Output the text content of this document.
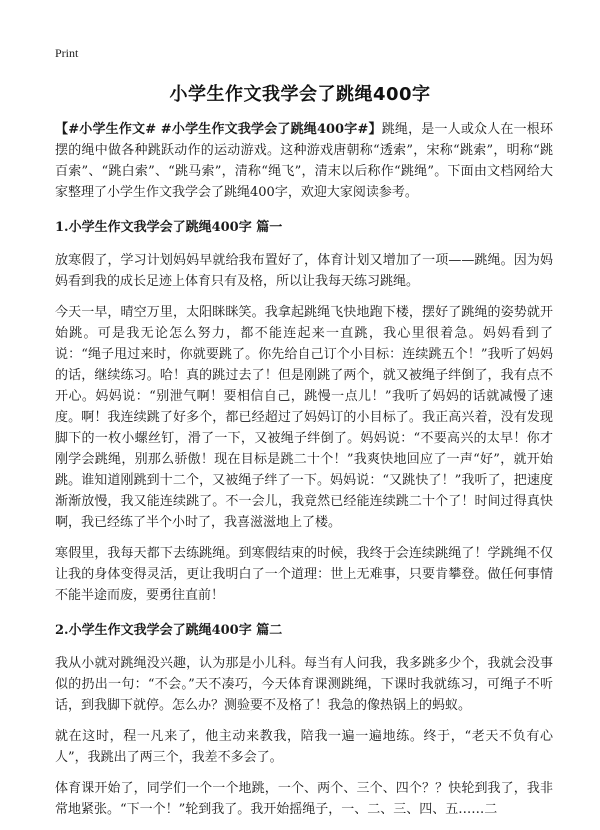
Print
小学生作文我学会了跳绳400字

【#小学生作文# #小学生作文我学会了跳绳400字#】跳绳，是一人或众人在一根环摆的绳中做各种跳跃动作的运动游戏。这种游戏唐朝称“透索”，宋称“跳索”，明称“跳百索”、“跳白索”、“跳马索”，清称“绳飞”，清末以后称作“跳绳”。下面由文档网给大家整理了小学生作文我学会了跳绳400字，欢迎大家阅读参考。

1.小学生作文我学会了跳绳400字 篇一

放寒假了，学习计划妈妈早就给我布置好了，体育计划又增加了一项——跳绳。因为妈妈看到我的成长足迹上体育只有及格，所以让我每天练习跳绳。

今天一早，晴空万里，太阳眯眯笑。我拿起跳绳飞快地跑下楼，摆好了跳绳的姿势就开始跳。可是我无论怎么努力，都不能连起来一直跳，我心里很着急。妈妈看到了说：“绳子甩过来时，你就要跳了。你先给自己订个小目标：连续跳五个！”我听了妈妈的话，继续练习。哈！真的跳过去了！但是刚跳了两个，就又被绳子绊倒了，我有点不开心。妈妈说：“别泄气啊！要相信自己，跳慢一点儿！”我听了妈妈的话就减慢了速度。啊！我连续跳了好多个，都已经超过了妈妈订的小目标了。我正高兴着，没有发现脚下的一枚小螺丝钉，滑了一下，又被绳子绊倒了。妈妈说：“不要高兴的太早！你才刚学会跳绳，别那么骄傲！现在目标是跳二十个！”我爽快地回应了一声“好”，就开始跳。谁知道刚跳到十二个，又被绳子绊了一下。妈妈说：“又跳快了！”我听了，把速度渐渐放慢，我又能连续跳了。不一会儿，我竟然已经能连续跳二十个了！时间过得真快啊，我已经练了半个小时了，我喜滋滋地上了楼。

寒假里，我每天都下去练跳绳。到寒假结束的时候，我终于会连续跳绳了！学跳绳不仅让我的身体变得灵活，更让我明白了一个道理：世上无难事，只要肯攀登。做任何事情不能半途而废，要勇往直前！

2.小学生作文我学会了跳绳400字 篇二

我从小就对跳绳没兴趣，认为那是小儿科。每当有人问我，我多跳多少个，我就会没事似的扔出一句：“不会。”天不凑巧，今天体育课测跳绳，下课时我就练习，可绳子不听话，到我脚下就停。怎么办？测验要不及格了！我急的像热锅上的蚂蚁。

就在这时，程一凡来了，他主动来教我，陪我一遍一遍地练。终于，“老天不负有心人”，我跳出了两三个，我差不多会了。

体育课开始了，同学们一个一个地跳，一个、两个、三个、四个？？快轮到我了，我非常地紧张。“下一个！”轮到我了。我开始摇绳子，一、二、三、四、五……二
